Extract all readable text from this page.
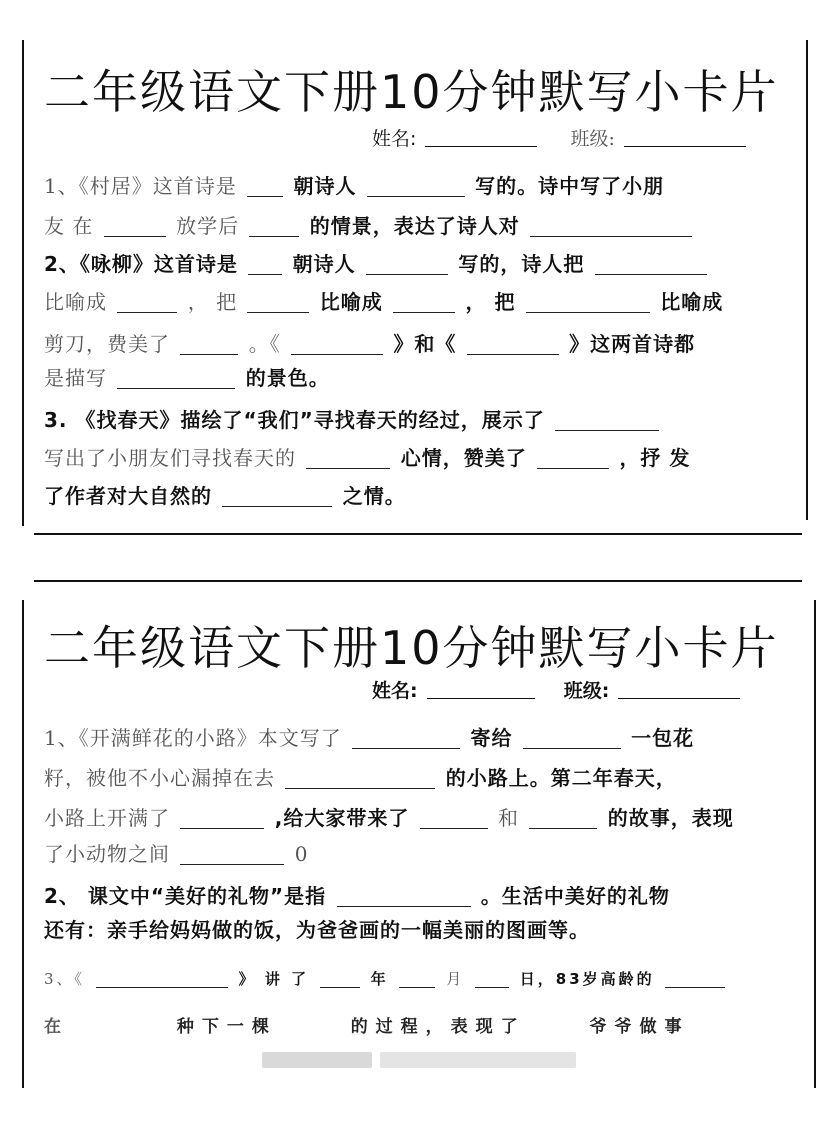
二年级语文下册10分钟默写小卡片
姓名:	班级:
1、《村居》这首诗是	朝诗人	写的。诗中写了小朋
友 在	放学后	的情景，表达了诗人对
2、《咏柳》这首诗是	朝诗人	写的，诗人把
比喻成	， 把	比喻成	， 把	比喻成
剪刀，费美了	。《	》和《	》这两首诗都
是描写	的景色。
3. 《找春天》描绘了“我们”寻找春天的经过，展示了
写出了小朋友们寻找春天的	心情，赞美了	，抒 发
了作者对大自然的	之情。
二年级语文下册10分钟默写小卡片
姓名:	班级:
1、《开满鲜花的小路》本文写了	寄给	一包花
籽，被他不小心漏掉在去	的小路上。第二年春天，
小路上开满了	,给大家带来了	和	的故事，表现
了小动物之间	0
2、 课文中“美好的礼物”是指	。生活中美好的礼物
还有：亲手给妈妈做的饭，为爸爸画的一幅美丽的图画等。
3、《	》 讲 了	年	月	日，83岁高龄的
在	种下一棵	的过程，表现了	爷爷做事
